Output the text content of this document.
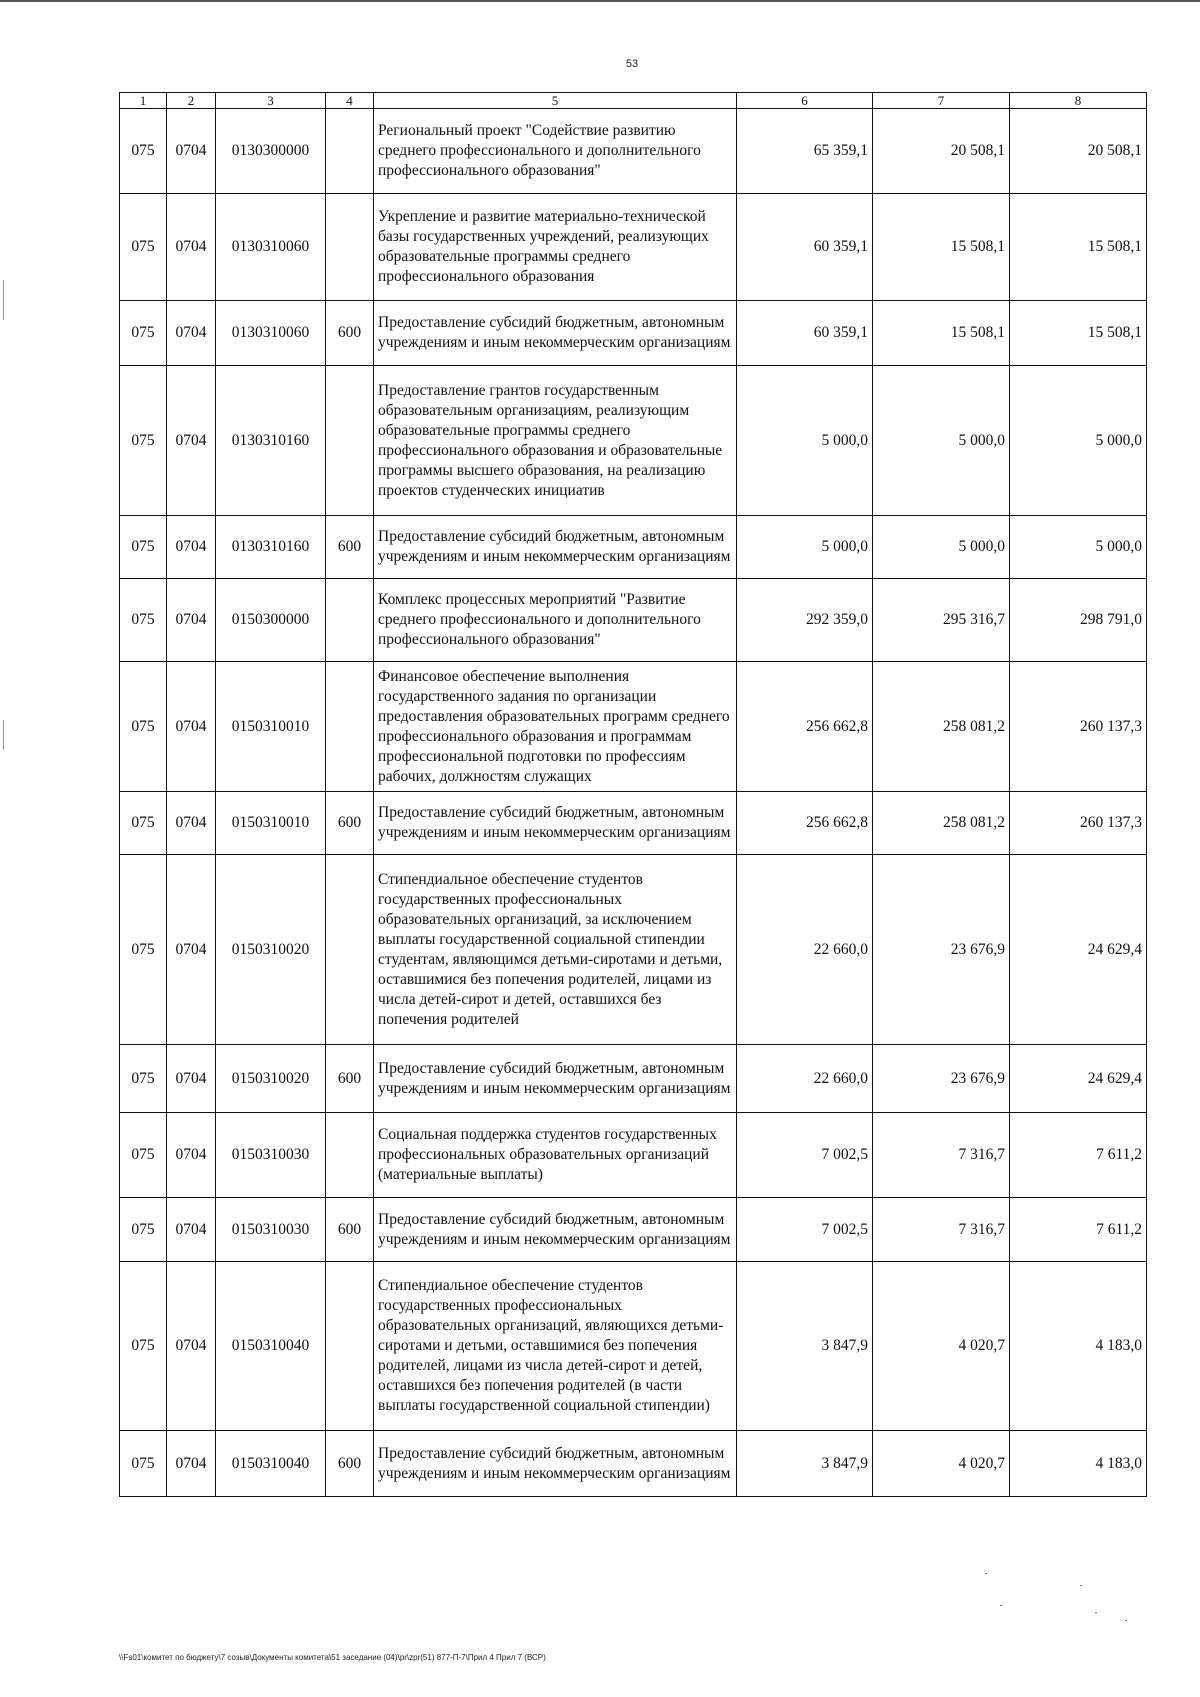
53
1	2	3	4	5	6	7	8
075	0704	0130300000		Региональный проект "Содействие развитию среднего профессионального и дополнительного профессионального образования"	65 359,1	20 508,1	20 508,1
075	0704	0130310060		Укрепление и развитие материально-технической базы государственных учреждений, реализующих образовательные программы среднего профессионального образования	60 359,1	15 508,1	15 508,1
075	0704	0130310060	600	Предоставление субсидий бюджетным, автономным учреждениям и иным некоммерческим организациям	60 359,1	15 508,1	15 508,1
075	0704	0130310160		Предоставление грантов государственным образовательным организациям, реализующим образовательные программы среднего профессионального образования и образовательные программы высшего образования, на реализацию проектов студенческих инициатив	5 000,0	5 000,0	5 000,0
075	0704	0130310160	600	Предоставление субсидий бюджетным, автономным учреждениям и иным некоммерческим организациям	5 000,0	5 000,0	5 000,0
075	0704	0150300000		Комплекс процессных мероприятий "Развитие среднего профессионального и дополнительного профессионального образования"	292 359,0	295 316,7	298 791,0
075	0704	0150310010		Финансовое обеспечение выполнения государственного задания по организации предоставления образовательных программ среднего профессионального образования и программам профессиональной подготовки по профессиям рабочих, должностям служащих	256 662,8	258 081,2	260 137,3
075	0704	0150310010	600	Предоставление субсидий бюджетным, автономным учреждениям и иным некоммерческим организациям	256 662,8	258 081,2	260 137,3
075	0704	0150310020		Стипендиальное обеспечение студентов государственных профессиональных образовательных организаций, за исключением выплаты государственной социальной стипендии студентам, являющимся детьми-сиротами и детьми, оставшимися без попечения родителей, лицами из числа детей-сирот и детей, оставшихся без попечения родителей	22 660,0	23 676,9	24 629,4
075	0704	0150310020	600	Предоставление субсидий бюджетным, автономным учреждениям и иным некоммерческим организациям	22 660,0	23 676,9	24 629,4
075	0704	0150310030		Социальная поддержка студентов государственных профессиональных образовательных организаций (материальные выплаты)	7 002,5	7 316,7	7 611,2
075	0704	0150310030	600	Предоставление субсидий бюджетным, автономным учреждениям и иным некоммерческим организациям	7 002,5	7 316,7	7 611,2
075	0704	0150310040		Стипендиальное обеспечение студентов государственных профессиональных образовательных организаций, являющихся детьми-сиротами и детьми, оставшимися без попечения родителей, лицами из числа детей-сирот и детей, оставшихся без попечения родителей (в части выплаты государственной социальной стипендии)	3 847,9	4 020,7	4 183,0
075	0704	0150310040	600	Предоставление субсидий бюджетным, автономным учреждениям и иным некоммерческим организациям	3 847,9	4 020,7	4 183,0
\\Fs01\комитет по бюджету\7 созыв\Документы комитета\51 заседание (04)\pr\zpr(51) 877-П-7\Прил 4 Прил 7 (ВСР)
